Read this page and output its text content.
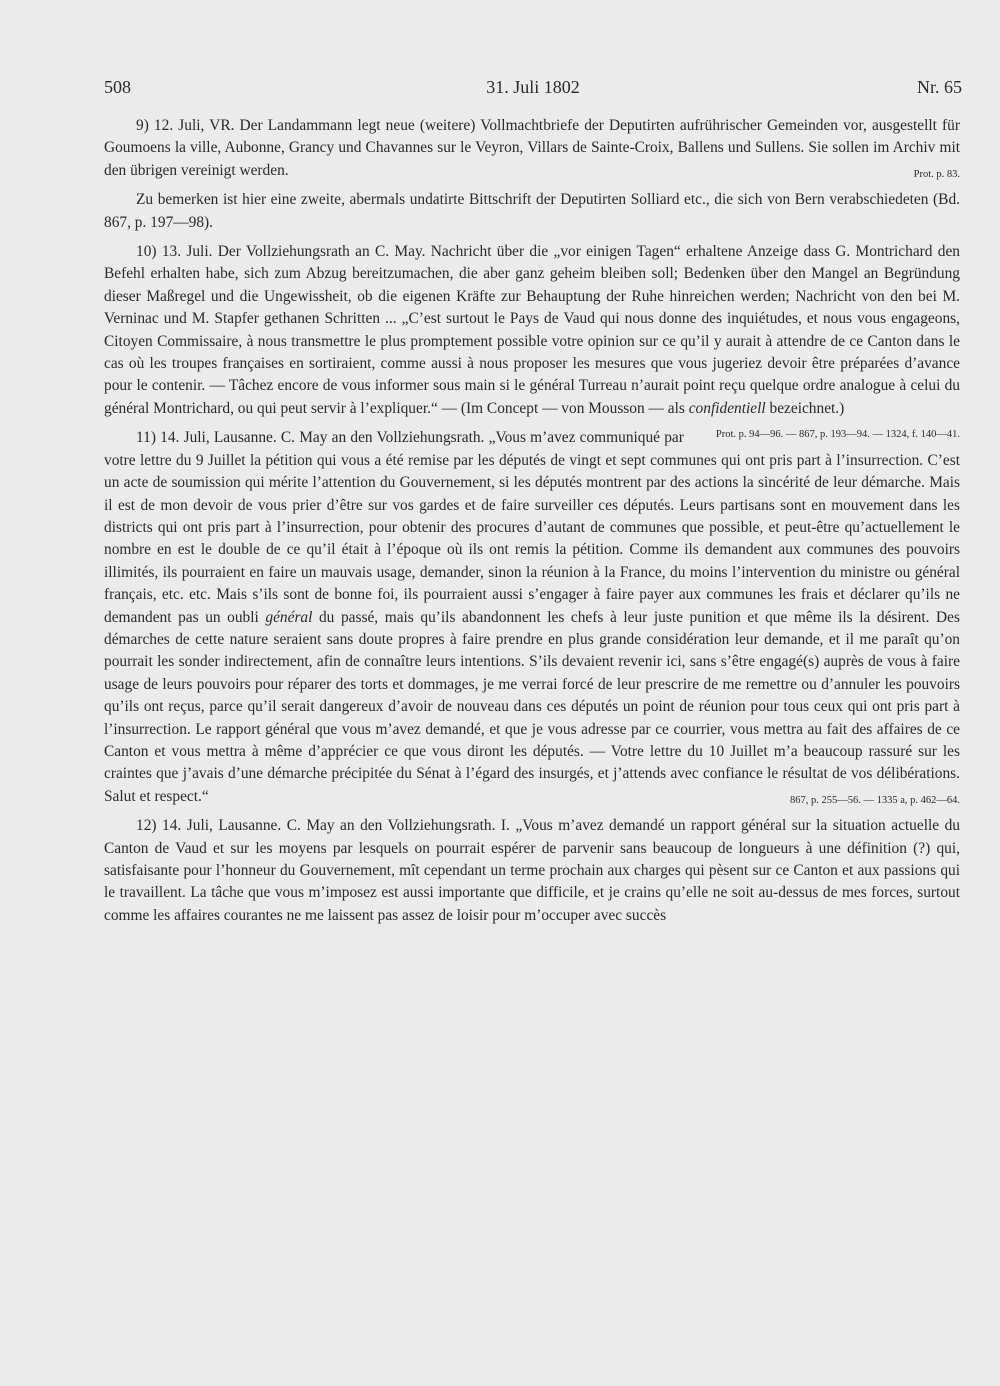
508	31. Juli 1802	Nr. 65

9) 12. Juli, VR. Der Landammann legt neue (weitere) Vollmachtbriefe der Deputirten aufrührischer Gemeinden vor, ausgestellt für Goumoens la ville, Aubonne, Grancy und Chavannes sur le Veyron, Villars de Sainte-Croix, Ballens und Sullens. Sie sollen im Archiv mit den übrigen vereinigt werden.	Prot. p. 83.

Zu bemerken ist hier eine zweite, abermals undatirte Bittschrift der Deputirten Solliard etc., die sich von Bern verabschiedeten (Bd. 867, p. 197—98).

10) 13. Juli. Der Vollziehungsrath an C. May. Nachricht über die „vor einigen Tagen“ erhaltene Anzeige dass G. Montrichard den Befehl erhalten habe, sich zum Abzug bereitzumachen, die aber ganz geheim bleiben soll; Bedenken über den Mangel an Begründung dieser Maßregel und die Ungewissheit, ob die eigenen Kräfte zur Behauptung der Ruhe hinreichen werden; Nachricht von den bei M. Verninac und M. Stapfer gethanen Schritten ... „C’est surtout le Pays de Vaud qui nous donne des inquiétudes, et nous vous engageons, Citoyen Commissaire, à nous transmettre le plus promptement possible votre opinion sur ce qu’il y aurait à attendre de ce Canton dans le cas où les troupes françaises en sortiraient, comme aussi à nous proposer les mesures que vous jugeriez devoir être préparées d’avance pour le contenir. — Tâchez encore de vous informer sous main si le général Turreau n’aurait point reçu quelque ordre analogue à celui du général Montrichard, ou qui peut servir à l’expliquer.“ — (Im Concept — von Mousson — als confidentiell bezeichnet.)
Prot. p. 94—96. — 867, p. 193—94. — 1324, f. 140—41.

11) 14. Juli, Lausanne. C. May an den Vollziehungsrath. „Vous m’avez communiqué par votre lettre du 9 Juillet la pétition qui vous a été remise par les députés de vingt et sept communes qui ont pris part à l’insurrection. C’est un acte de soumission qui mérite l’attention du Gouvernement, si les députés montrent par des actions la sincérité de leur démarche. Mais il est de mon devoir de vous prier d’être sur vos gardes et de faire surveiller ces députés. Leurs partisans sont en mouvement dans les districts qui ont pris part à l’insurrection, pour obtenir des procures d’autant de communes que possible, et peut-être qu’actuellement le nombre en est le double de ce qu’il était à l’époque où ils ont remis la pétition. Comme ils demandent aux communes des pouvoirs illimités, ils pourraient en faire un mauvais usage, demander, sinon la réunion à la France, du moins l’intervention du ministre ou général français, etc. etc. Mais s’ils sont de bonne foi, ils pourraient aussi s’engager à faire payer aux communes les frais et déclarer qu’ils ne demandent pas un oubli général du passé, mais qu’ils abandonnent les chefs à leur juste punition et que même ils la désirent. Des démarches de cette nature seraient sans doute propres à faire prendre en plus grande considération leur demande, et il me paraît qu’on pourrait les sonder indirectement, afin de connaître leurs intentions. S’ils devaient revenir ici, sans s’être engagé(s) auprès de vous à faire usage de leurs pouvoirs pour réparer des torts et dommages, je me verrai forcé de leur prescrire de me remettre ou d’annuler les pouvoirs qu’ils ont reçus, parce qu’il serait dangereux d’avoir de nouveau dans ces députés un point de réunion pour tous ceux qui ont pris part à l’insurrection. Le rapport général que vous m’avez demandé, et que je vous adresse par ce courrier, vous mettra au fait des affaires de ce Canton et vous mettra à même d’apprécier ce que vous diront les députés. — Votre lettre du 10 Juillet m’a beaucoup rassuré sur les craintes que j’avais d’une démarche précipitée du Sénat à l’égard des insurgés, et j’attends avec confiance le résultat de vos délibérations. Salut et respect.“	867, p. 255—56. — 1335 a, p. 462—64.

12) 14. Juli, Lausanne. C. May an den Vollziehungsrath. I. „Vous m’avez demandé un rapport général sur la situation actuelle du Canton de Vaud et sur les moyens par lesquels on pourrait espérer de parvenir sans beaucoup de longueurs à une définition (?) qui, satisfaisante pour l’honneur du Gouvernement, mît cependant un terme prochain aux charges qui pèsent sur ce Canton et aux passions qui le travaillent. La tâche que vous m’imposez est aussi importante que difficile, et je crains qu’elle ne soit au-dessus de mes forces, surtout comme les affaires courantes ne me laissent pas assez de loisir pour m’occuper avec succès
